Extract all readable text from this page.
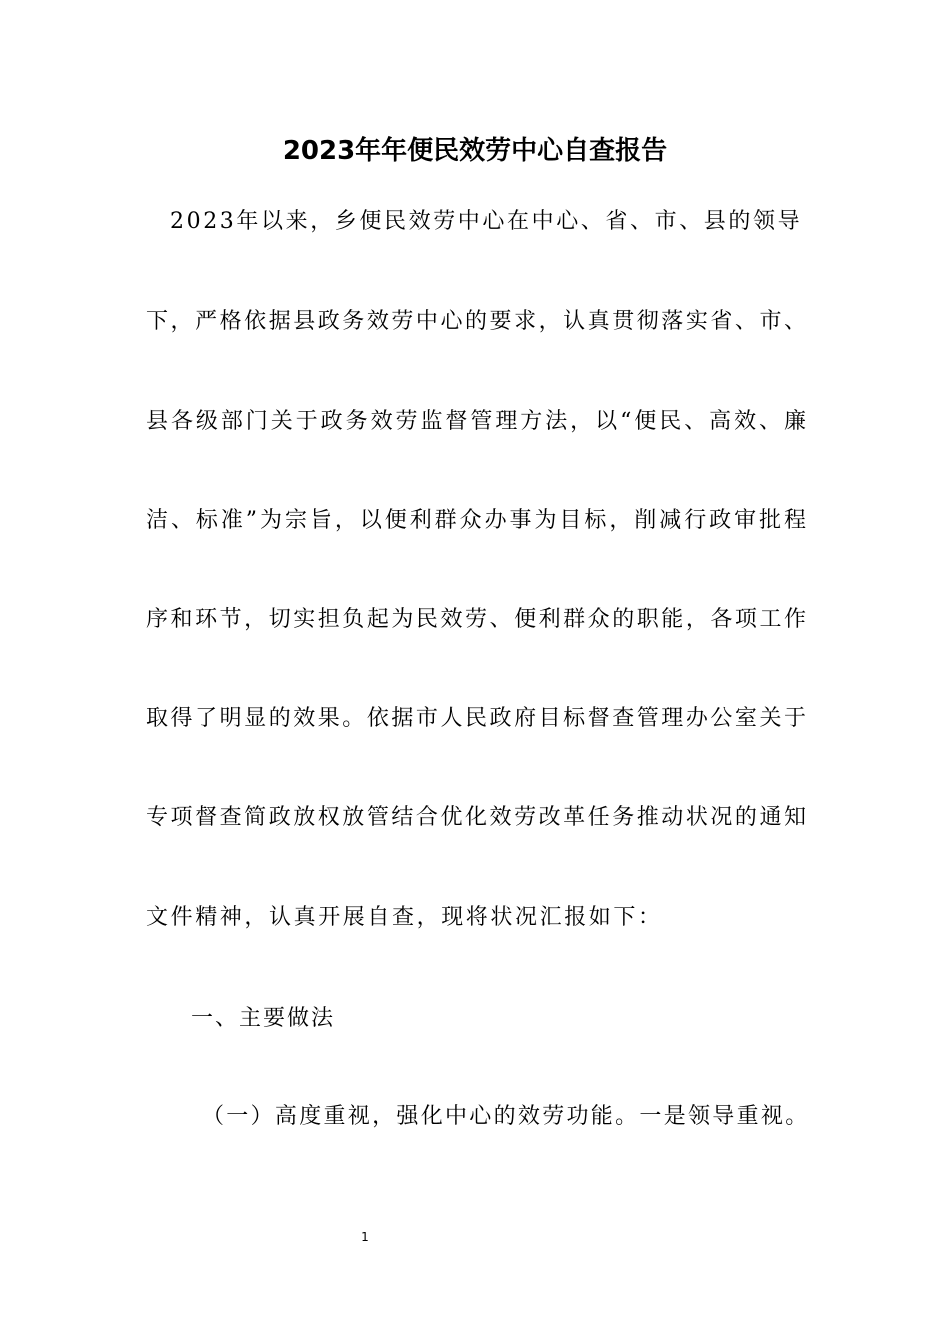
2023年年便民效劳中心自查报告
2023年以来，乡便民效劳中心在中心、省、市、县的领导
下，严格依据县政务效劳中心的要求，认真贯彻落实省、市、
县各级部门关于政务效劳监督管理方法，以“便民、高效、廉
洁、标准”为宗旨，以便利群众办事为目标，削减行政审批程
序和环节，切实担负起为民效劳、便利群众的职能，各项工作
取得了明显的效果。依据市人民政府目标督查管理办公室关于
专项督查简政放权放管结合优化效劳改革任务推动状况的通知
文件精神，认真开展自查，现将状况汇报如下：
一、主要做法
（一）高度重视，强化中心的效劳功能。一是领导重视。
1
